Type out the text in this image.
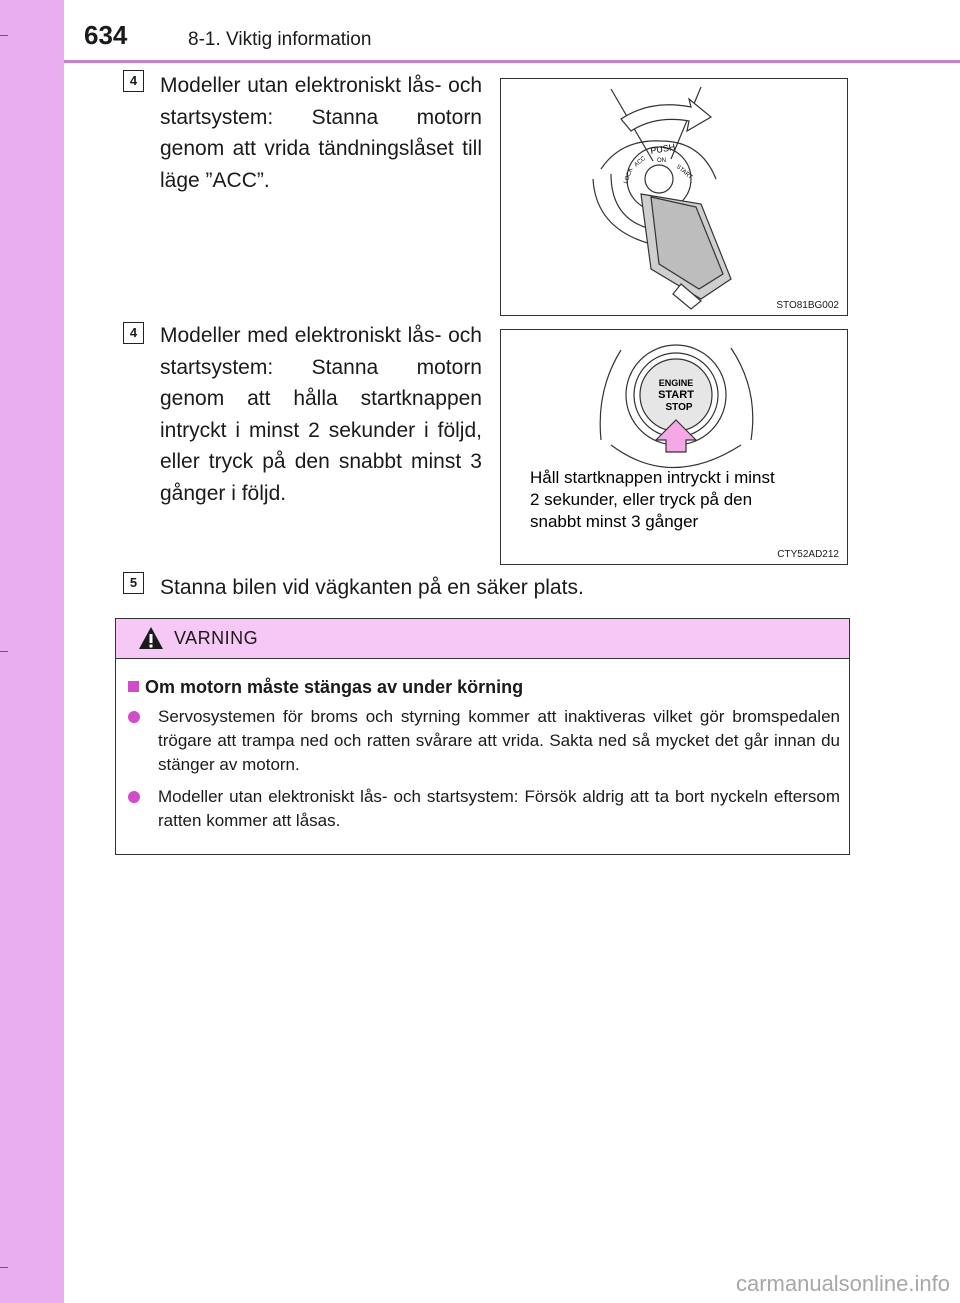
634	8-1. Viktig information
4	Modeller utan elektroniskt lås- och startsystem: Stanna motorn genom att vrida tändningslåset till läge ”ACC”.

PUSH
LOCK
ACC ON
START
STO81BG002
4	Modeller med elektroniskt lås- och startsystem: Stanna motorn genom att hålla startknappen intryckt i minst 2 sekunder i följd, eller tryck på den snabbt minst 3 gånger i följd.

ENGINE
START
STOP
Håll startknappen intryckt i minst
2 sekunder, eller tryck på den
snabbt minst 3 gånger
CTY52AD212
5	Stanna bilen vid vägkanten på en säker plats.
VARNING
Om motorn måste stängas av under körning

Servosystemen för broms och styrning kommer att inaktiveras vilket gör bromspedalen trögare att trampa ned och ratten svårare att vrida. Sakta ned så mycket det går innan du stänger av motorn.

Modeller utan elektroniskt lås- och startsystem: Försök aldrig att ta bort nyckeln eftersom ratten kommer att låsas.

carmanualsonline.info
